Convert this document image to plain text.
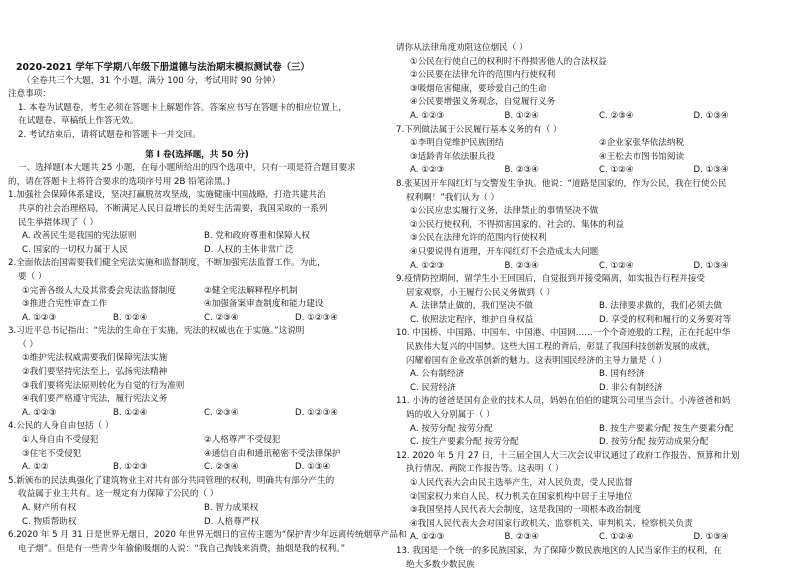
2020-2021 学年下学期八年级下册道德与法治期末模拟测试卷（三）
（全卷共三个大题，31 个小题，满分 100 分，考试用时 90 分钟）
注意事项：
1. 本卷为试题卷，考生必须在答题卡上解题作答。答案应书写在答题卡的相应位置上，
在试题卷、草稿纸上作答无效。
2. 考试结束后，请将试题卷和答题卡一并交回。
第 I 卷(选择题，共 50 分)
一、选择题(本大题共 25 小题，在每小题所给出的四个选项中，只有一项是符合题目要求
的，请在答题卡上将符合要求的选项序号用 2B 铅笔涂黑。)
1.加强社会保障体系建设，坚决打赢脱贫攻坚战，实施健康中国战略，打造共建共治
共享的社会治理格局，不断满足人民日益增长的美好生活需要，我国采取的一系列
民生举措体现了（ ）
A. 改善民生是我国的宪法原则	B. 党和政府尊重和保障人权
C. 国家的一切权力属于人民	D. 人权的主体非常广泛
2.全面依法治国需要我们健全宪法实施和监督制度，不断加强宪法监督工作。为此，
要（ ）
①完善各级人大及其常委会宪法监督制度	②健全宪法解释程序机制
③推进合宪性审查工作	④加强备案审查制度和能力建设
A. ①②③	B. ①②④	C. ②③④	D. ①②③④
3.习近平总书记指出：“宪法的生命在于实施，宪法的权威也在于实施。”这说明
（ ）
①维护宪法权威需要我们保障宪法实施
②我们要坚持宪法至上，弘扬宪法精神
③我们要将宪法原则转化为自觉的行为准则
④我们要严格遵守宪法，履行宪法义务
A. ①②③	B. ①②④	C. ②③④	D. ①②③④
4.公民的人身自由包括（ ）
①人身自由不受侵犯	②人格尊严不受侵犯
③住宅不受侵犯	④通信自由和通讯秘密不受法律保护
A. ①②	B. ①②③	C. ②③④	D. ①③④
5.新颁布的民法典强化了建筑物业主对共有部分共同管理的权利，明确共有部分产生的
收益属于业主共有。这一规定有力保障了公民的（ ）
A. 财产所有权	B. 智力成果权
C. 物质帮助权	D. 人格尊严权
6.2020 年 5 月 31 日是世界无烟日，2020 年世界无烟日的宣传主题为“保护青少年远离传统烟草产品和
电子烟”。但是有一些青少年偷偷吸烟的人说：“我自己掏钱来消费，抽烟是我的权利。”
请你从法律角度劝阻这位烟民（ ）
①公民在行使自己的权利时不得损害他人的合法权益
②公民要在法律允许的范围内行使权利
③吸烟危害健康，要珍爱自己的生命
④公民要增强义务观念，自觉履行义务
A. ①②③	B. ①②④	C. ②③④	D. ①③④
7.下列做法属于公民履行基本义务的有（ ）
①李明自觉维护民族团结	②企业家张华依法纳税
③适龄青年依法服兵役	④王松去市图书馆阅读
A. ①②③	B. ②③④	C. ①②④	D. ①③④
8.张某因开车闯红灯与交警发生争执。他说：“道路是国家的，作为公民，我在行使公民
权利啊！”我们认为（ ）
①公民应忠实履行义务，法律禁止的事情坚决不做
②公民行使权利，不得损害国家的、社会的、集体的利益
③公民在法律允许的范围内行使权利
④只要说得有道理，开车闯红灯不会造成太大问题
A. ①②③	B. ②③④	C. ①②④	D. ①③④
9.疫情防控期间，留学生小王回国后，自觉报到并接受隔离，如实报告行程并接受
居家观察，小王履行公民义务做到（ ）
A. 法律禁止做的，我们坚决不做	B. 法律要求做的，我们必须去做
C. 依照法定程序，维护自身权益	D. 享受的权利和履行的义务要对等
10. 中国桥、中国路、中国车、中国港、中国网……一个个奇迹般的工程，正在托起中华
民族伟大复兴的中国梦。这些大国工程的背后，彰显了我国科技创新发展的成就，
闪耀着国有企业改革创新的魅力。这表明国民经济的主导力量是（ ）
A. 公有制经济	B. 国有经济
C. 民营经济	D. 非公有制经济
11. 小涛的爸爸是国有企业的技术人员，妈妈在伯伯的建筑公司里当会计。小涛爸爸和妈
妈的收入分别属于（ ）
A. 按劳分配 按劳分配	B. 按生产要素分配 按生产要素分配
C. 按生产要素分配 按劳分配	D. 按劳分配 按劳动成果分配
12. 2020 年 5 月 27 日，十三届全国人大三次会议审议通过了政府工作报告、预算和计划
执行情况、两院工作报告等。这表明（ ）
①人民代表大会由民主选举产生，对人民负责，受人民监督
②国家权力来自人民，权力机关在国家机构中居于主导地位
③我国坚持人民代表大会制度，这是我国的一项根本政治制度
④我国人民代表大会对国家行政机关、监察机关、审判机关、检察机关负责
A. ①②③	B. ②③④	C. ①②④	D. ①③④
13. 我国是一个统一的多民族国家，为了保障少数民族地区的人民当家作主的权利，在
绝大多数少数民族
